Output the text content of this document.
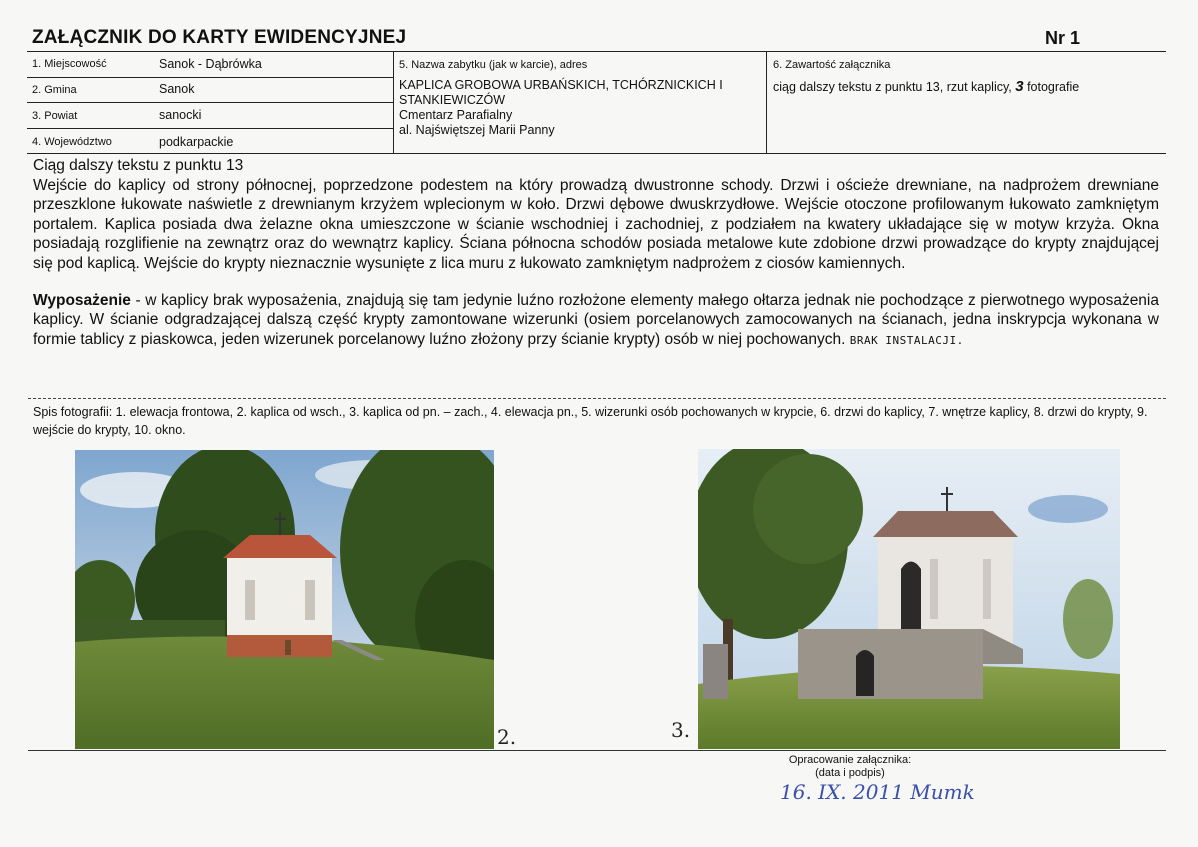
ZAŁĄCZNIK DO KARTY EWIDENCYJNEJ	Nr 1
1. Miejscowość	Sanok - Dąbrówka
2. Gmina	Sanok
3. Powiat	sanocki
4. Województwo	podkarpackie
5. Nazwa zabytku (jak w karcie), adres
KAPLICA GROBOWA URBAŃSKICH, TCHÓRZNICKICH I
STANKIEWICZÓW
Cmentarz Parafialny
al. Najświętszej Marii Panny
6. Zawartość załącznika
ciąg dalszy tekstu z punktu 13, rzut kaplicy, 3 fotografie

Ciąg dalszy tekstu z punktu 13

Wejście do kaplicy od strony północnej, poprzedzone podestem na który prowadzą dwustronne schody. Drzwi i ościeże drewniane, na nadprożem drewniane przeszklone łukowate naświetle z drewnianym krzyżem wplecionym w koło. Drzwi dębowe dwuskrzydłowe. Wejście otoczone profilowanym łukowato zamkniętym portalem. Kaplica posiada dwa żelazne okna umieszczone w ścianie wschodniej i zachodniej, z podziałem na kwatery układające się w motyw krzyża. Okna posiadają rozglifienie na zewnątrz oraz do wewnątrz kaplicy. Ściana północna schodów posiada metalowe kute zdobione drzwi prowadzące do krypty znajdującej się pod kaplicą. Wejście do krypty nieznacznie wysunięte z lica muru z łukowato zamkniętym nadprożem z ciosów kamiennych.

Wyposażenie - w kaplicy brak wyposażenia, znajdują się tam jedynie luźno rozłożone elementy małego ołtarza jednak nie pochodzące z pierwotnego wyposażenia kaplicy. W ścianie odgradzającej dalszą część krypty zamontowane wizerunki (osiem porcelanowych zamocowanych na ścianach, jedna inskrypcja wykonana w formie tablicy z piaskowca, jeden wizerunek porcelanowy luźno złożony przy ścianie krypty) osób w niej pochowanych. BRAK INSTALACJI.

Spis fotografii: 1. elewacja frontowa, 2. kaplica od wsch., 3. kaplica od pn. – zach., 4. elewacja pn., 5. wizerunki osób pochowanych w krypcie, 6. drzwi do kaplicy, 7. wnętrze kaplicy, 8. drzwi do krypty, 9. wejście do krypty, 10. okno.
2.	3.
Opracowanie załącznika:
(data i podpis)
16. IX. 2011 Mumk
